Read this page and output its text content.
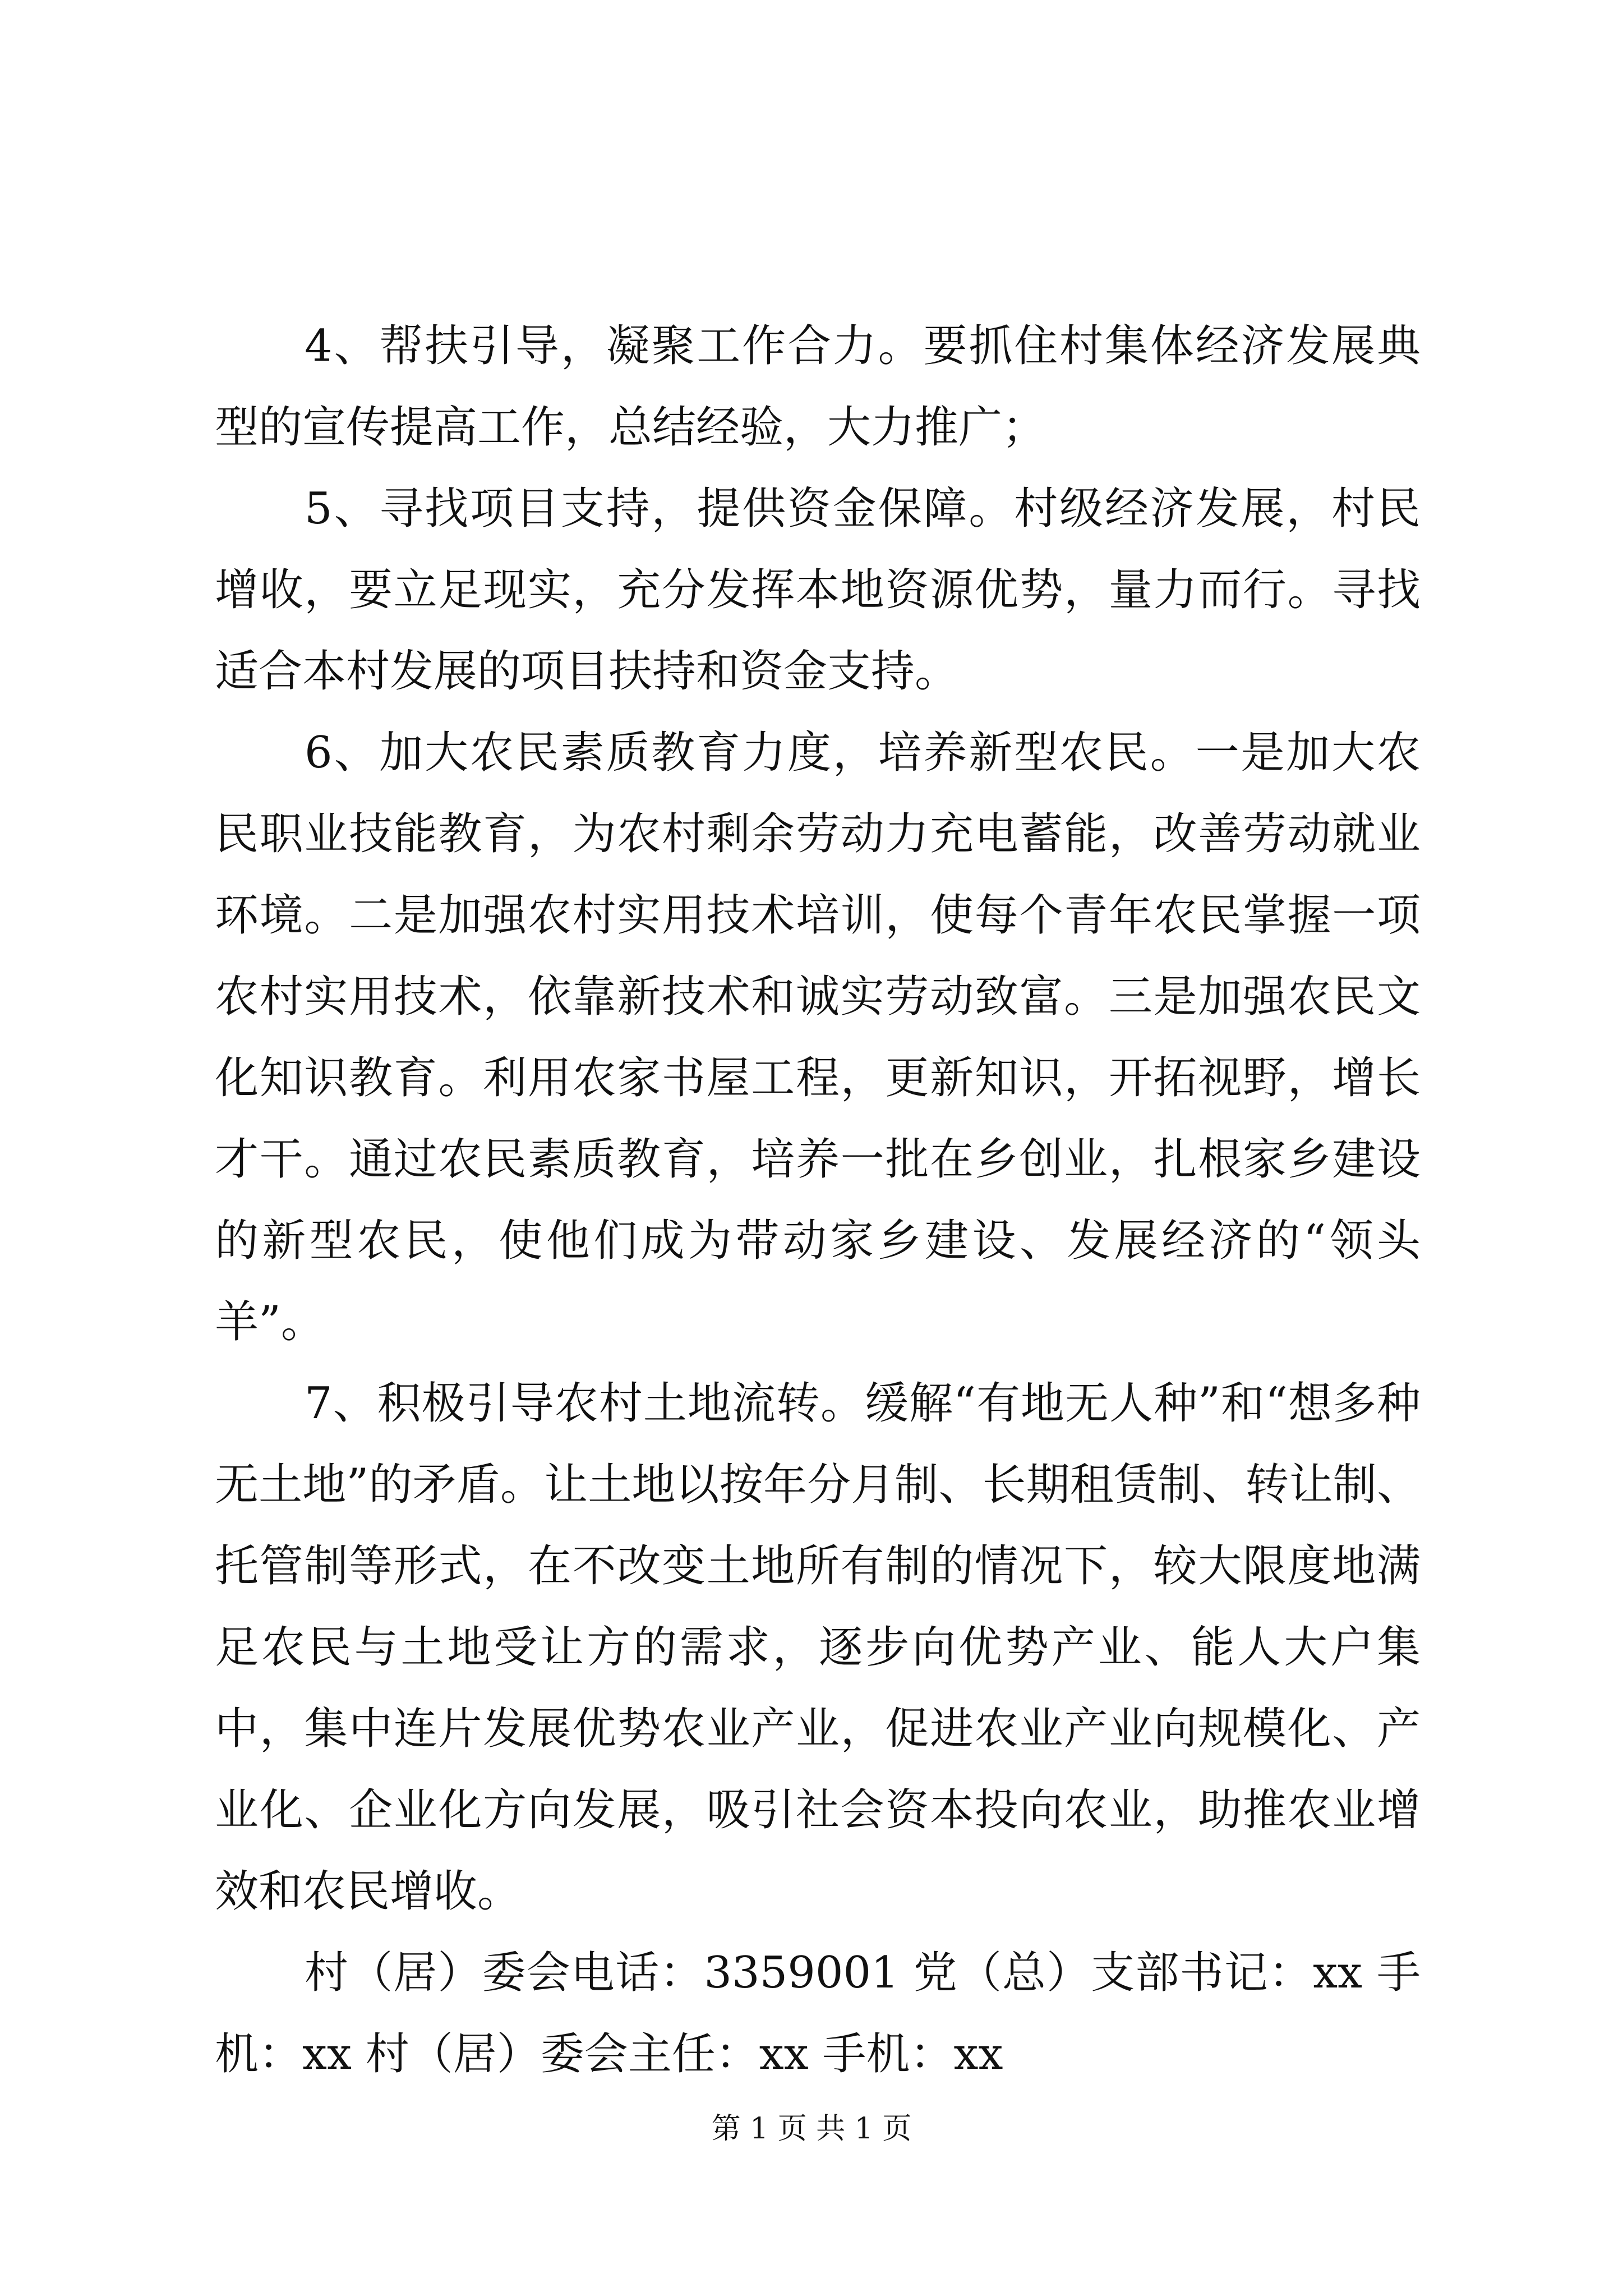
4、帮扶引导，凝聚工作合力。要抓住村集体经济发展典型的宣传提高工作，总结经验，大力推广；

5、寻找项目支持，提供资金保障。村级经济发展，村民增收，要立足现实，充分发挥本地资源优势，量力而行。寻找适合本村发展的项目扶持和资金支持。

6、加大农民素质教育力度，培养新型农民。一是加大农民职业技能教育，为农村剩余劳动力充电蓄能，改善劳动就业环境。二是加强农村实用技术培训，使每个青年农民掌握一项农村实用技术，依靠新技术和诚实劳动致富。三是加强农民文化知识教育。利用农家书屋工程，更新知识，开拓视野，增长才干。通过农民素质教育，培养一批在乡创业，扎根家乡建设的新型农民，使他们成为带动家乡建设、发展经济的“领头羊”。

7、积极引导农村土地流转。缓解“有地无人种”和“想多种无土地”的矛盾。让土地以按年分月制、长期租赁制、转让制、托管制等形式，在不改变土地所有制的情况下，较大限度地满足农民与土地受让方的需求，逐步向优势产业、能人大户集中，集中连片发展优势农业产业，促进农业产业向规模化、产业化、企业化方向发展，吸引社会资本投向农业，助推农业增效和农民增收。

村（居）委会电话：3359001 党（总）支部书记：xx 手机：xx 村（居）委会主任：xx 手机：xx

第 1 页 共 1 页
